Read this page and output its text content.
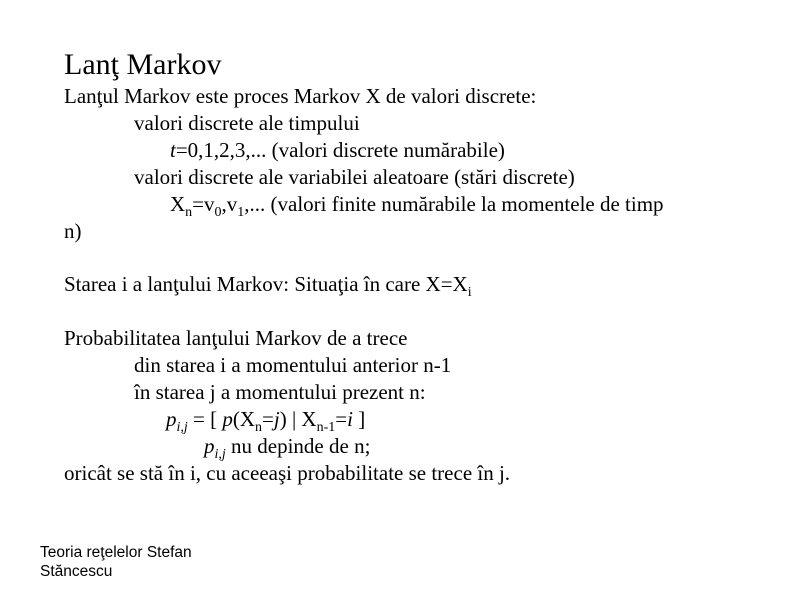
Lanţ Markov
Lanţul Markov este proces Markov X de valori discrete:
valori discrete ale timpului
t=0,1,2,3,... (valori discrete numărabile)
valori discrete ale variabilei aleatoare (stări discrete)
$X_n=v_0,v_1$,... (valori finite numărabile la momentele de timp
n)
Starea i a lanţului Markov: Situaţia în care $X=X_i$
Probabilitatea lanţului Markov de a trece
din starea i a momentului anterior n-1
în starea j a momentului prezent n:
$p_{i,j}$ = [ $p(X_n=j)$ | $X_{n-1}=i$ ]
$p_{i,j}$ nu depinde de n;
oricât se stă în i, cu aceeaşi probabilitate se trece în j.
Teoria reţelelor Stefan
Stăncescu
